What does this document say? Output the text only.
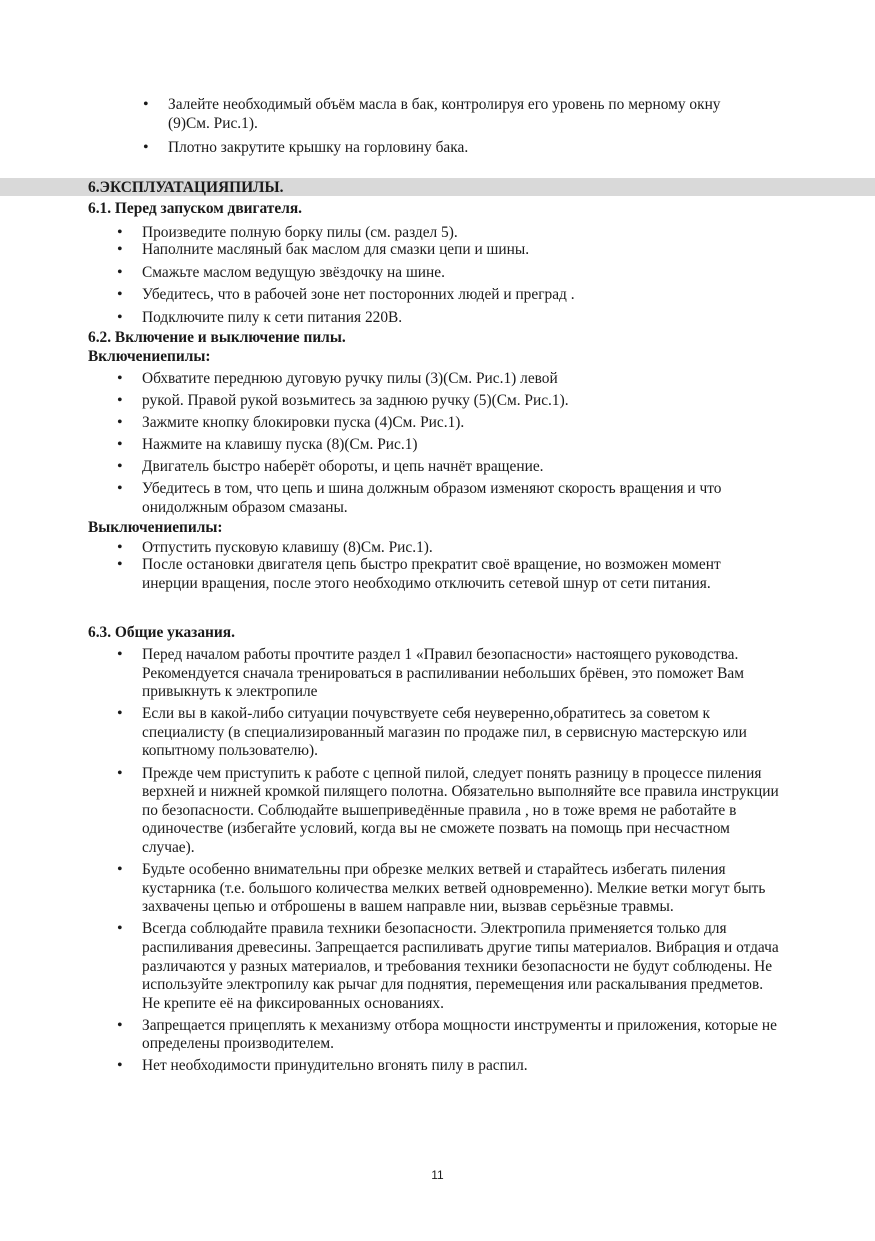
• Залейте необходимый объём масла в бак, контролируя его уровень по мерному окну (9)См. Рис.1).
• Плотно закрутите крышку на горловину бака.
6.ЭКСПЛУАТАЦИЯПИЛЫ.
6.1. Перед запуском двигателя.
• Произведите полную борку пилы (см. раздел 5).
• Наполните масляный бак маслом для смазки цепи и шины.
• Смажьте маслом ведущую звёздочку на шине.
• Убедитесь, что в рабочей зоне нет посторонних людей и преград .
• Подключите пилу к сети питания 220В.
6.2. Включение и выключение пилы.
Включениепилы:
• Обхватите переднюю дуговую ручку пилы (3)(См. Рис.1) левой
• рукой. Правой рукой возьмитесь за заднюю ручку (5)(См. Рис.1).
• Зажмите кнопку блокировки пуска (4)См. Рис.1).
• Нажмите на клавишу пуска (8)(См. Рис.1)
• Двигатель быстро наберёт обороты, и цепь начнёт вращение.
• Убедитесь в том, что цепь и шина должным образом изменяют скорость вращения и что онидолжным образом смазаны.
Выключениепилы:
• Отпустить пусковую клавишу (8)См. Рис.1).
• После остановки двигателя цепь быстро прекратит своё вращение, но возможен момент инерции вращения, после этого необходимо отключить сетевой шнур от сети питания.
6.3. Общие указания.
• Перед началом работы прочтите раздел 1 «Правил безопасности» настоящего руководства. Рекомендуется сначала тренироваться в распиливании небольших брёвен, это поможет Вам привыкнуть к электропиле
• Если вы в какой-либо ситуации почувствуете себя неуверенно,обратитесь за советом к специалисту (в специализированный магазин по продаже пил, в сервисную мастерскую или копытному пользователю).
• Прежде чем приступить к работе с цепной пилой, следует понять разницу в процессе пиления верхней и нижней кромкой пилящего полотна. Обязательно выполняйте все правила инструкции по безопасности. Соблюдайте вышеприведённые правила , но в тоже время не работайте в одиночестве (избегайте условий, когда вы не сможете позвать на помощь при несчастном случае).
• Будьте особенно внимательны при обрезке мелких ветвей и старайтесь избегать пиления кустарника (т.е. большого количества мелких ветвей одновременно). Мелкие ветки могут быть захвачены цепью и отброшены в вашем направле нии, вызвав серьёзные травмы.
• Всегда соблюдайте правила техники безопасности. Электропила применяется только для распиливания древесины. Запрещается распиливать другие типы материалов. Вибрация и отдача различаются у разных материалов, и требования техники безопасности не будут соблюдены. Не используйте электропилу как рычаг для поднятия, перемещения или раскалывания предметов. Не крепите её на фиксированных основаниях.
• Запрещается прицеплять к механизму отбора мощности инструменты и приложения, которые не определены производителем.
• Нет необходимости принудительно вгонять пилу в распил.
11
